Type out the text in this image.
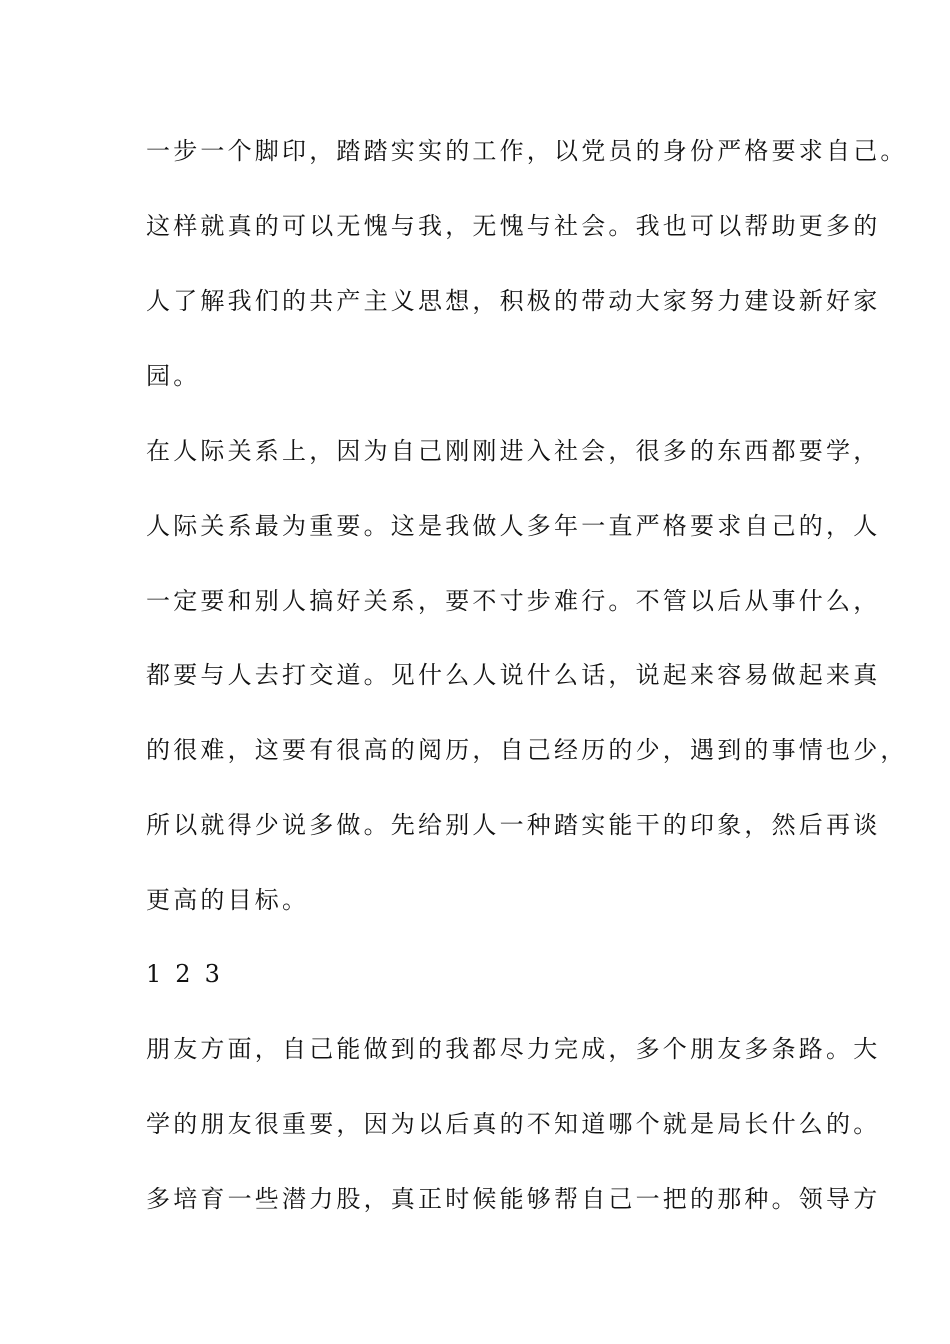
一步一个脚印，踏踏实实的工作，以党员的身份严格要求自己。
这样就真的可以无愧与我，无愧与社会。我也可以帮助更多的
人了解我们的共产主义思想，积极的带动大家努力建设新好家
园。
在人际关系上，因为自己刚刚进入社会，很多的东西都要学，
人际关系最为重要。这是我做人多年一直严格要求自己的，人
一定要和别人搞好关系，要不寸步难行。不管以后从事什么，
都要与人去打交道。见什么人说什么话，说起来容易做起来真
的很难，这要有很高的阅历，自己经历的少，遇到的事情也少，
所以就得少说多做。先给别人一种踏实能干的印象，然后再谈
更高的目标。
1 2 3
朋友方面，自己能做到的我都尽力完成，多个朋友多条路。大
学的朋友很重要，因为以后真的不知道哪个就是局长什么的。
多培育一些潜力股，真正时候能够帮自己一把的那种。领导方
